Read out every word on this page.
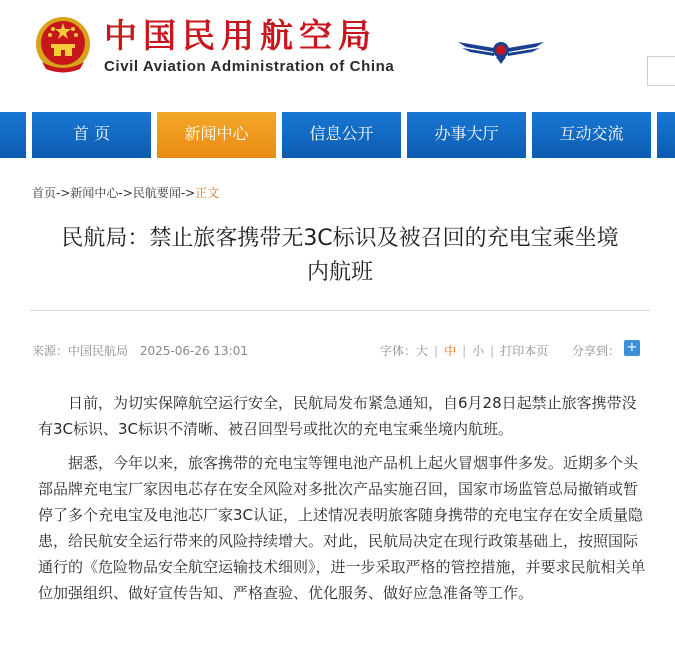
中国民用航空局
Civil Aviation Administration of China
首 页	新闻中心	信息公开	办事大厅	互动交流
首页->新闻中心->民航要闻->正文
民航局：禁止旅客携带无3C标识及被召回的充电宝乘坐境
内航班
来源：中国民航局 2025-06-26 13:01	字体：大 | 中 | 小 | 打印本页 分享到： +

日前，为切实保障航空运行安全，民航局发布紧急通知，自6月28日起禁止旅客携带没有3C标识、3C标识不清晰、被召回型号或批次的充电宝乘坐境内航班。

据悉，今年以来，旅客携带的充电宝等锂电池产品机上起火冒烟事件多发。近期多个头部品牌充电宝厂家因电芯存在安全风险对多批次产品实施召回，国家市场监管总局撤销或暂停了多个充电宝及电池芯厂家3C认证，上述情况表明旅客随身携带的充电宝存在安全质量隐患，给民航安全运行带来的风险持续增大。对此，民航局决定在现行政策基础上，按照国际通行的《危险物品安全航空运输技术细则》，进一步采取严格的管控措施，并要求民航相关单位加强组织、做好宣传告知、严格查验、优化服务、做好应急准备等工作。
